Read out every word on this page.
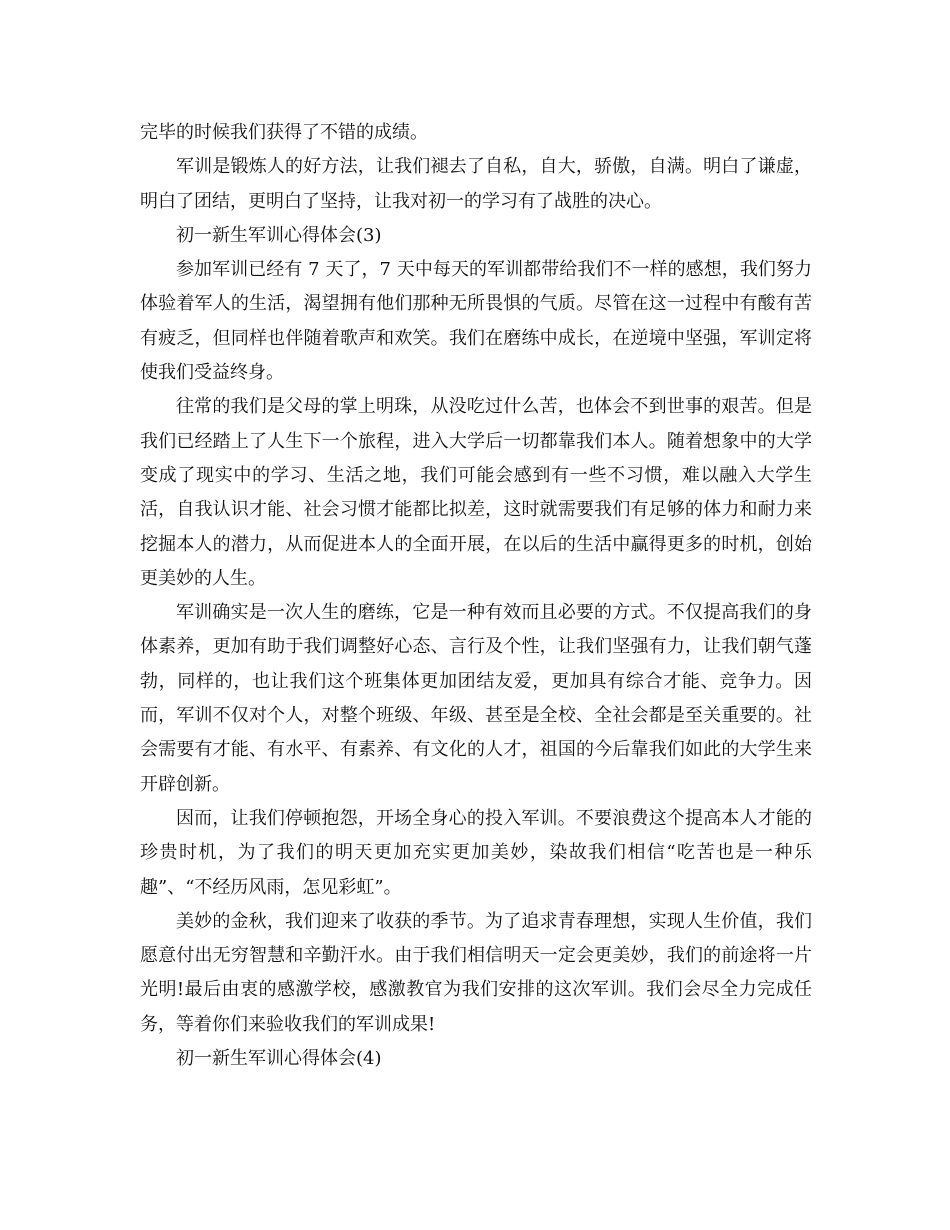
完毕的时候我们获得了不错的成绩。

军训是锻炼人的好方法，让我们褪去了自私，自大，骄傲，自满。明白了谦虚，明白了团结，更明白了坚持，让我对初一的学习有了战胜的决心。

初一新生军训心得体会(3)

参加军训已经有 7 天了，7 天中每天的军训都带给我们不一样的感想，我们努力体验着军人的生活，渴望拥有他们那种无所畏惧的气质。尽管在这一过程中有酸有苦有疲乏，但同样也伴随着歌声和欢笑。我们在磨练中成长，在逆境中坚强，军训定将使我们受益终身。

往常的我们是父母的掌上明珠，从没吃过什么苦，也体会不到世事的艰苦。但是我们已经踏上了人生下一个旅程，进入大学后一切都靠我们本人。随着想象中的大学变成了现实中的学习、生活之地，我们可能会感到有一些不习惯，难以融入大学生活，自我认识才能、社会习惯才能都比拟差，这时就需要我们有足够的体力和耐力来挖掘本人的潜力，从而促进本人的全面开展，在以后的生活中赢得更多的时机，创始更美妙的人生。

军训确实是一次人生的磨练，它是一种有效而且必要的方式。不仅提高我们的身体素养，更加有助于我们调整好心态、言行及个性，让我们坚强有力，让我们朝气蓬勃，同样的，也让我们这个班集体更加团结友爱，更加具有综合才能、竞争力。因而，军训不仅对个人，对整个班级、年级、甚至是全校、全社会都是至关重要的。社会需要有才能、有水平、有素养、有文化的人才，祖国的今后靠我们如此的大学生来开辟创新。

因而，让我们停顿抱怨，开场全身心的投入军训。不要浪费这个提高本人才能的珍贵时机，为了我们的明天更加充实更加美妙，染故我们相信“吃苦也是一种乐趣”、“不经历风雨，怎见彩虹”。

美妙的金秋，我们迎来了收获的季节。为了追求青春理想，实现人生价值，我们愿意付出无穷智慧和辛勤汗水。由于我们相信明天一定会更美妙，我们的前途将一片光明!最后由衷的感激学校，感激教官为我们安排的这次军训。我们会尽全力完成任务，等着你们来验收我们的军训成果!

初一新生军训心得体会(4)
